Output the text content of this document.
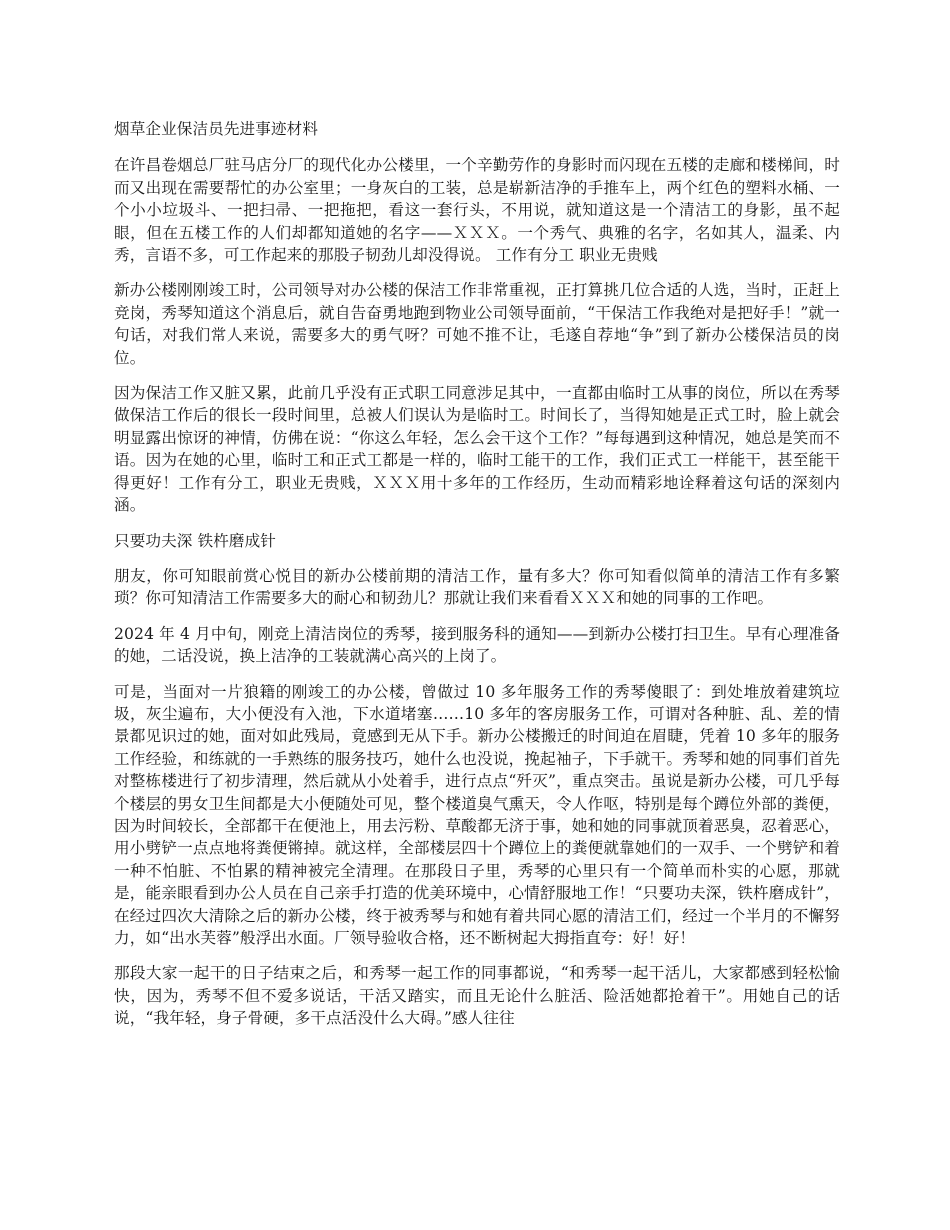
烟草企业保洁员先进事迹材料

在许昌卷烟总厂驻马店分厂的现代化办公楼里，一个辛勤劳作的身影时而闪现在五楼的走廊和楼梯间，时而又出现在需要帮忙的办公室里；一身灰白的工装，总是崭新洁净的手推车上，两个红色的塑料水桶、一个小小垃圾斗、一把扫帚、一把拖把，看这一套行头，不用说，就知道这是一个清洁工的身影，虽不起眼，但在五楼工作的人们却都知道她的名字——ＸＸＸ。一个秀气、典雅的名字，名如其人，温柔、内秀，言语不多，可工作起来的那股子韧劲儿却没得说。 工作有分工 职业无贵贱

新办公楼刚刚竣工时，公司领导对办公楼的保洁工作非常重视，正打算挑几位合适的人选，当时，正赶上竞岗，秀琴知道这个消息后，就自告奋勇地跑到物业公司领导面前，“干保洁工作我绝对是把好手！”就一句话，对我们常人来说，需要多大的勇气呀？可她不推不让，毛遂自荐地“争”到了新办公楼保洁员的岗位。

因为保洁工作又脏又累，此前几乎没有正式职工同意涉足其中，一直都由临时工从事的岗位，所以在秀琴做保洁工作后的很长一段时间里，总被人们误认为是临时工。时间长了，当得知她是正式工时，脸上就会明显露出惊讶的神情，仿佛在说：“你这么年轻，怎么会干这个工作？”每每遇到这种情况，她总是笑而不语。因为在她的心里，临时工和正式工都是一样的，临时工能干的工作，我们正式工一样能干，甚至能干得更好！工作有分工，职业无贵贱，ＸＸＸ用十多年的工作经历，生动而精彩地诠释着这句话的深刻内涵。

只要功夫深 铁杵磨成针

朋友，你可知眼前赏心悦目的新办公楼前期的清洁工作，量有多大？你可知看似简单的清洁工作有多繁琐？你可知清洁工作需要多大的耐心和韧劲儿？那就让我们来看看ＸＸＸ和她的同事的工作吧。

2024 年 4 月中旬，刚竞上清洁岗位的秀琴，接到服务科的通知——到新办公楼打扫卫生。早有心理准备的她，二话没说，换上洁净的工装就满心高兴的上岗了。

可是，当面对一片狼籍的刚竣工的办公楼，曾做过 10 多年服务工作的秀琴傻眼了：到处堆放着建筑垃圾，灰尘遍布，大小便没有入池，下水道堵塞……10 多年的客房服务工作，可谓对各种脏、乱、差的情景都见识过的她，面对如此残局，竟感到无从下手。新办公楼搬迁的时间迫在眉睫，凭着 10 多年的服务工作经验，和练就的一手熟练的服务技巧，她什么也没说，挽起袖子，下手就干。秀琴和她的同事们首先对整栋楼进行了初步清理，然后就从小处着手，进行点点“歼灭”，重点突击。虽说是新办公楼，可几乎每个楼层的男女卫生间都是大小便随处可见，整个楼道臭气熏天，令人作呕，特别是每个蹲位外部的粪便，因为时间较长，全部都干在便池上，用去污粉、草酸都无济于事，她和她的同事就顶着恶臭，忍着恶心，用小劈铲一点点地将粪便锵掉。就这样，全部楼层四十个蹲位上的粪便就靠她们的一双手、一个劈铲和着一种不怕脏、不怕累的精神被完全清理。在那段日子里，秀琴的心里只有一个简单而朴实的心愿，那就是，能亲眼看到办公人员在自己亲手打造的优美环境中，心情舒服地工作！“只要功夫深，铁杵磨成针”，在经过四次大清除之后的新办公楼，终于被秀琴与和她有着共同心愿的清洁工们，经过一个半月的不懈努力，如“出水芙蓉”般浮出水面。厂领导验收合格，还不断树起大拇指直夸：好！好！

那段大家一起干的日子结束之后，和秀琴一起工作的同事都说，“和秀琴一起干活儿，大家都感到轻松愉快，因为，秀琴不但不爱多说话，干活又踏实，而且无论什么脏活、险活她都抢着干”。用她自己的话说，“我年轻，身子骨硬，多干点活没什么大碍。”感人往往
